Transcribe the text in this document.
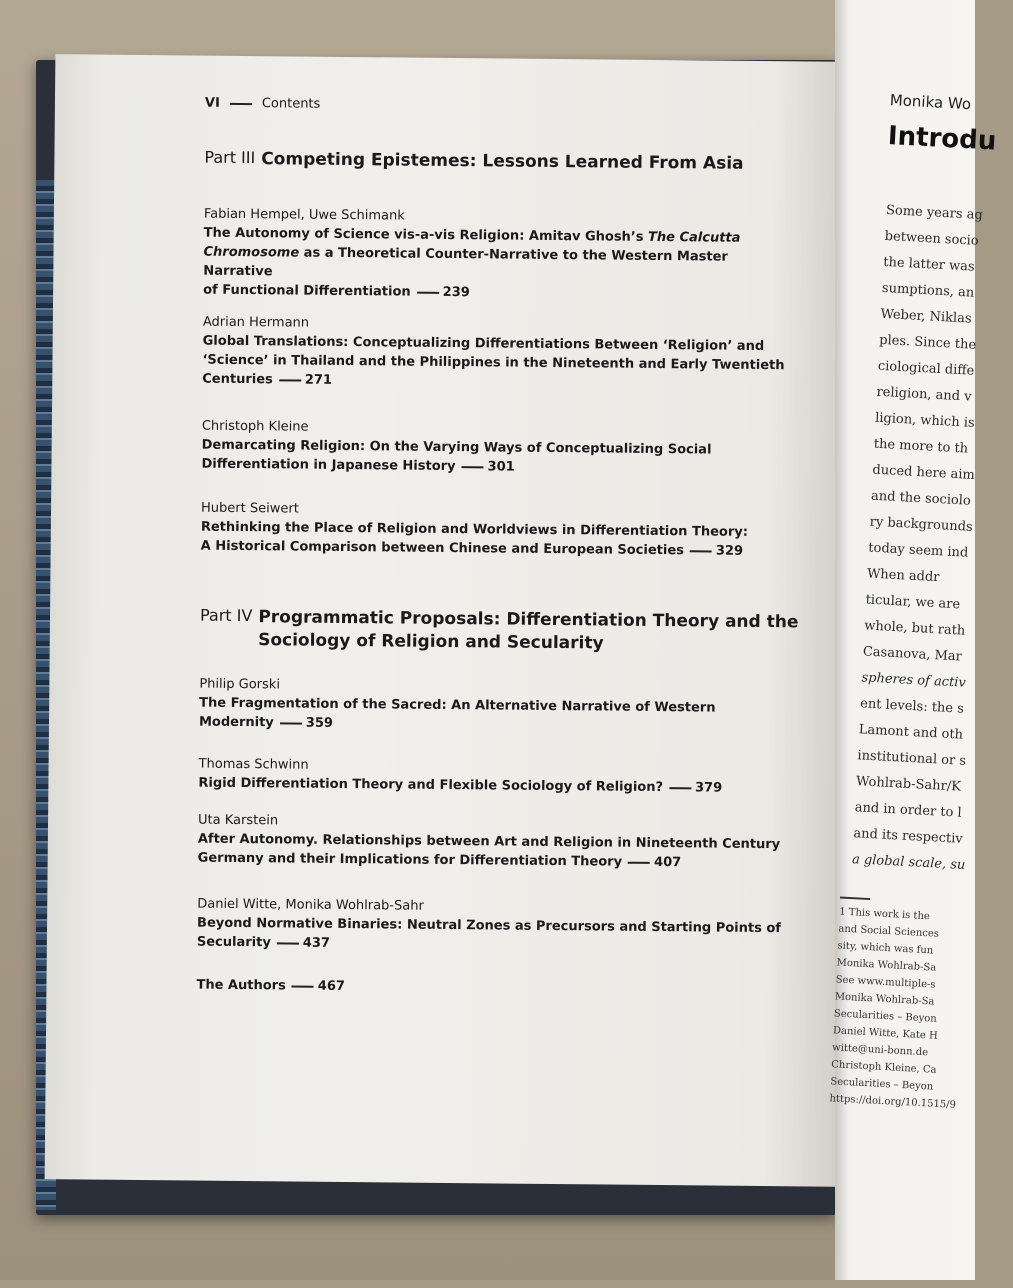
VI	Contents
Part III Competing Epistemes: Lessons Learned From Asia
Fabian Hempel, Uwe Schimank
The Autonomy of Science vis-a-vis Religion: Amitav Ghosh’s The Calcutta
Chromosome as a Theoretical Counter-Narrative to the Western Master Narrative
of Functional Differentiation 239
Adrian Hermann
Global Translations: Conceptualizing Differentiations Between ‘Religion’ and
‘Science’ in Thailand and the Philippines in the Nineteenth and Early Twentieth
Centuries 271
Christoph Kleine
Demarcating Religion: On the Varying Ways of Conceptualizing Social
Differentiation in Japanese History 301
Hubert Seiwert
Rethinking the Place of Religion and Worldviews in Differentiation Theory:
A Historical Comparison between Chinese and European Societies 329
Part IV Programmatic Proposals: Differentiation Theory and the
Sociology of Religion and Secularity
Philip Gorski
The Fragmentation of the Sacred: An Alternative Narrative of Western
Modernity 359
Thomas Schwinn
Rigid Differentiation Theory and Flexible Sociology of Religion? 379
Uta Karstein
After Autonomy. Relationships between Art and Religion in Nineteenth Century
Germany and their Implications for Differentiation Theory 407
Daniel Witte, Monika Wohlrab-Sahr
Beyond Normative Binaries: Neutral Zones as Precursors and Starting Points of
Secularity 437
The Authors 467
Monika Wo
Introdu
Some years ag
between socio
the latter was
sumptions, an
Weber, Niklas
ples. Since the
ciological diffe
religion, and v
ligion, which is
the more to th
duced here aim
and the sociolo
ry backgrounds
today seem ind
When addr
ticular, we are
whole, but rath
Casanova, Mar
spheres of activ
ent levels: the s
Lamont and oth
institutional or s
Wohlrab-Sahr/K
and in order to l
and its respectiv
a global scale, su
1 This work is the
and Social Sciences
sity, which was fun
Monika Wohlrab-Sa
See www.multiple-s
Monika Wohlrab-Sa
Secularities – Beyon
Daniel Witte, Kate H
witte@uni-bonn.de
Christoph Kleine, Ca
Secularities – Beyon
https://doi.org/10.1515/9
